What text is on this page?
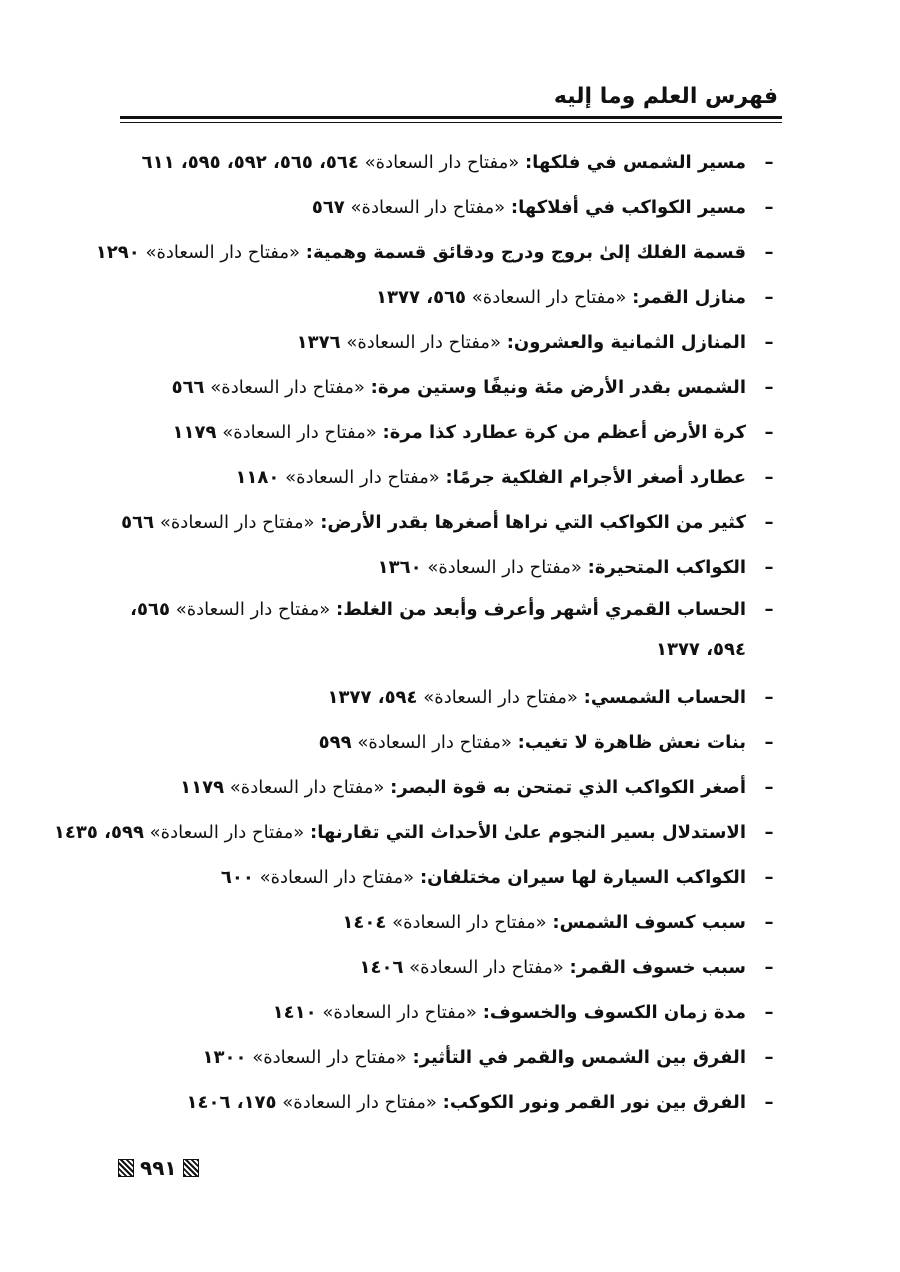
فهرس العلم وما إليه
–
مسير الشمس في فلكها: «مفتاح دار السعادة» ٥٦٤، ٥٦٥، ٥٩٢، ٥٩٥، ٦١١
–
مسير الكواكب في أفلاكها: «مفتاح دار السعادة» ٥٦٧
–
قسمة الفلك إلىٰ بروج ودرج ودقائق قسمة وهمية: «مفتاح دار السعادة» ١٢٩٠
–
منازل القمر: «مفتاح دار السعادة» ٥٦٥، ١٣٧٧
–
المنازل الثمانية والعشرون: «مفتاح دار السعادة» ١٣٧٦
–
الشمس بقدر الأرض مئة ونيفًا وستين مرة: «مفتاح دار السعادة» ٥٦٦
–
كرة الأرض أعظم من كرة عطارد كذا مرة: «مفتاح دار السعادة» ١١٧٩
–
عطارد أصغر الأجرام الفلكية جرمًا: «مفتاح دار السعادة» ١١٨٠
–
كثير من الكواكب التي نراها أصغرها بقدر الأرض: «مفتاح دار السعادة» ٥٦٦
–
الكواكب المتحيرة: «مفتاح دار السعادة» ١٣٦٠
–
الحساب القمري أشهر وأعرف وأبعد من الغلط: «مفتاح دار السعادة» ٥٦٥، ٥٩٤، ١٣٧٧
–
الحساب الشمسي: «مفتاح دار السعادة» ٥٩٤، ١٣٧٧
–
بنات نعش ظاهرة لا تغيب: «مفتاح دار السعادة» ٥٩٩
–
أصغر الكواكب الذي تمتحن به قوة البصر: «مفتاح دار السعادة» ١١٧٩
–
الاستدلال بسير النجوم علىٰ الأحداث التي تقارنها: «مفتاح دار السعادة» ٥٩٩، ١٤٣٥
–
الكواكب السيارة لها سيران مختلفان: «مفتاح دار السعادة» ٦٠٠
–
سبب كسوف الشمس: «مفتاح دار السعادة» ١٤٠٤
–
سبب خسوف القمر: «مفتاح دار السعادة» ١٤٠٦
–
مدة زمان الكسوف والخسوف: «مفتاح دار السعادة» ١٤١٠
–
الفرق بين الشمس والقمر في التأثير: «مفتاح دار السعادة» ١٣٠٠
–
الفرق بين نور القمر ونور الكوكب: «مفتاح دار السعادة» ١٧٥، ١٤٠٦
٩٩١
